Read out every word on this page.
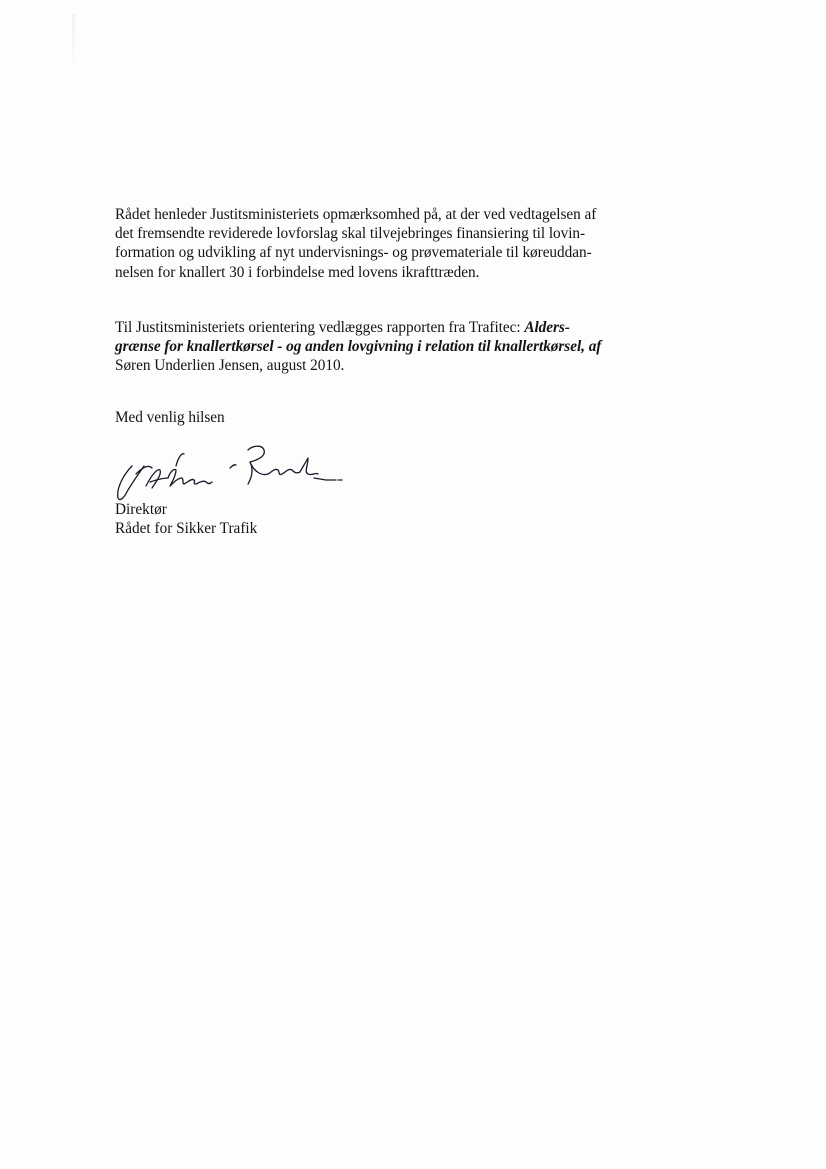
Rådet henleder Justitsministeriets opmærksomhed på, at der ved vedtagelsen af
det fremsendte reviderede lovforslag skal tilvejebringes finansiering til lovin-
formation og udvikling af nyt undervisnings- og prøvemateriale til køreuddan-
nelsen for knallert 30 i forbindelse med lovens ikrafttræden.

Til Justitsministeriets orientering vedlægges rapporten fra Trafitec: Alders-
grænse for knallertkørsel - og anden lovgivning i relation til knallertkørsel, af
Søren Underlien Jensen, august 2010.

Med venlig hilsen

Direktør
Rådet for Sikker Trafik
